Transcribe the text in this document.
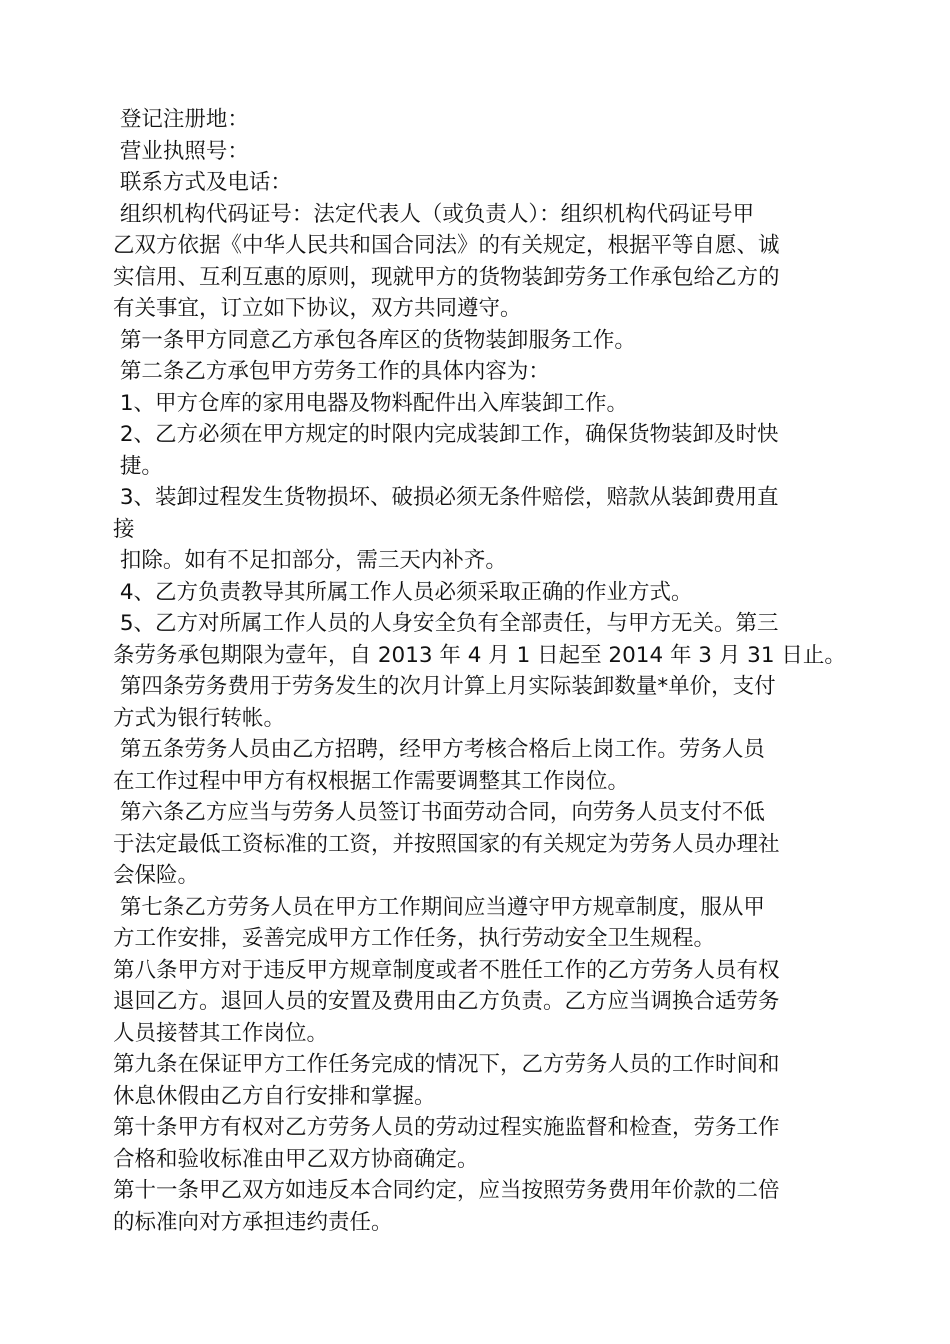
登记注册地：
营业执照号：
联系方式及电话：
组织机构代码证号：法定代表人（或负责人）：组织机构代码证号甲
乙双方依据《中华人民共和国合同法》的有关规定，根据平等自愿、诚
实信用、互利互惠的原则，现就甲方的货物装卸劳务工作承包给乙方的
有关事宜，订立如下协议，双方共同遵守。
第一条甲方同意乙方承包各库区的货物装卸服务工作。
第二条乙方承包甲方劳务工作的具体内容为：
1、甲方仓库的家用电器及物料配件出入库装卸工作。
2、乙方必须在甲方规定的时限内完成装卸工作，确保货物装卸及时快
捷。
3、装卸过程发生货物损坏、破损必须无条件赔偿，赔款从装卸费用直
接
扣除。如有不足扣部分，需三天内补齐。
4、乙方负责教导其所属工作人员必须采取正确的作业方式。
5、乙方对所属工作人员的人身安全负有全部责任，与甲方无关。第三
条劳务承包期限为壹年，自 2013 年 4 月 1 日起至 2014 年 3 月 31 日止。
第四条劳务费用于劳务发生的次月计算上月实际装卸数量*单价，支付
方式为银行转帐。
第五条劳务人员由乙方招聘，经甲方考核合格后上岗工作。劳务人员
在工作过程中甲方有权根据工作需要调整其工作岗位。
第六条乙方应当与劳务人员签订书面劳动合同，向劳务人员支付不低
于法定最低工资标准的工资，并按照国家的有关规定为劳务人员办理社
会保险。
第七条乙方劳务人员在甲方工作期间应当遵守甲方规章制度，服从甲
方工作安排，妥善完成甲方工作任务，执行劳动安全卫生规程。
第八条甲方对于违反甲方规章制度或者不胜任工作的乙方劳务人员有权
退回乙方。退回人员的安置及费用由乙方负责。乙方应当调换合适劳务
人员接替其工作岗位。
第九条在保证甲方工作任务完成的情况下，乙方劳务人员的工作时间和
休息休假由乙方自行安排和掌握。
第十条甲方有权对乙方劳务人员的劳动过程实施监督和检查，劳务工作
合格和验收标准由甲乙双方协商确定。
第十一条甲乙双方如违反本合同约定，应当按照劳务费用年价款的二倍
的标准向对方承担违约责任。
